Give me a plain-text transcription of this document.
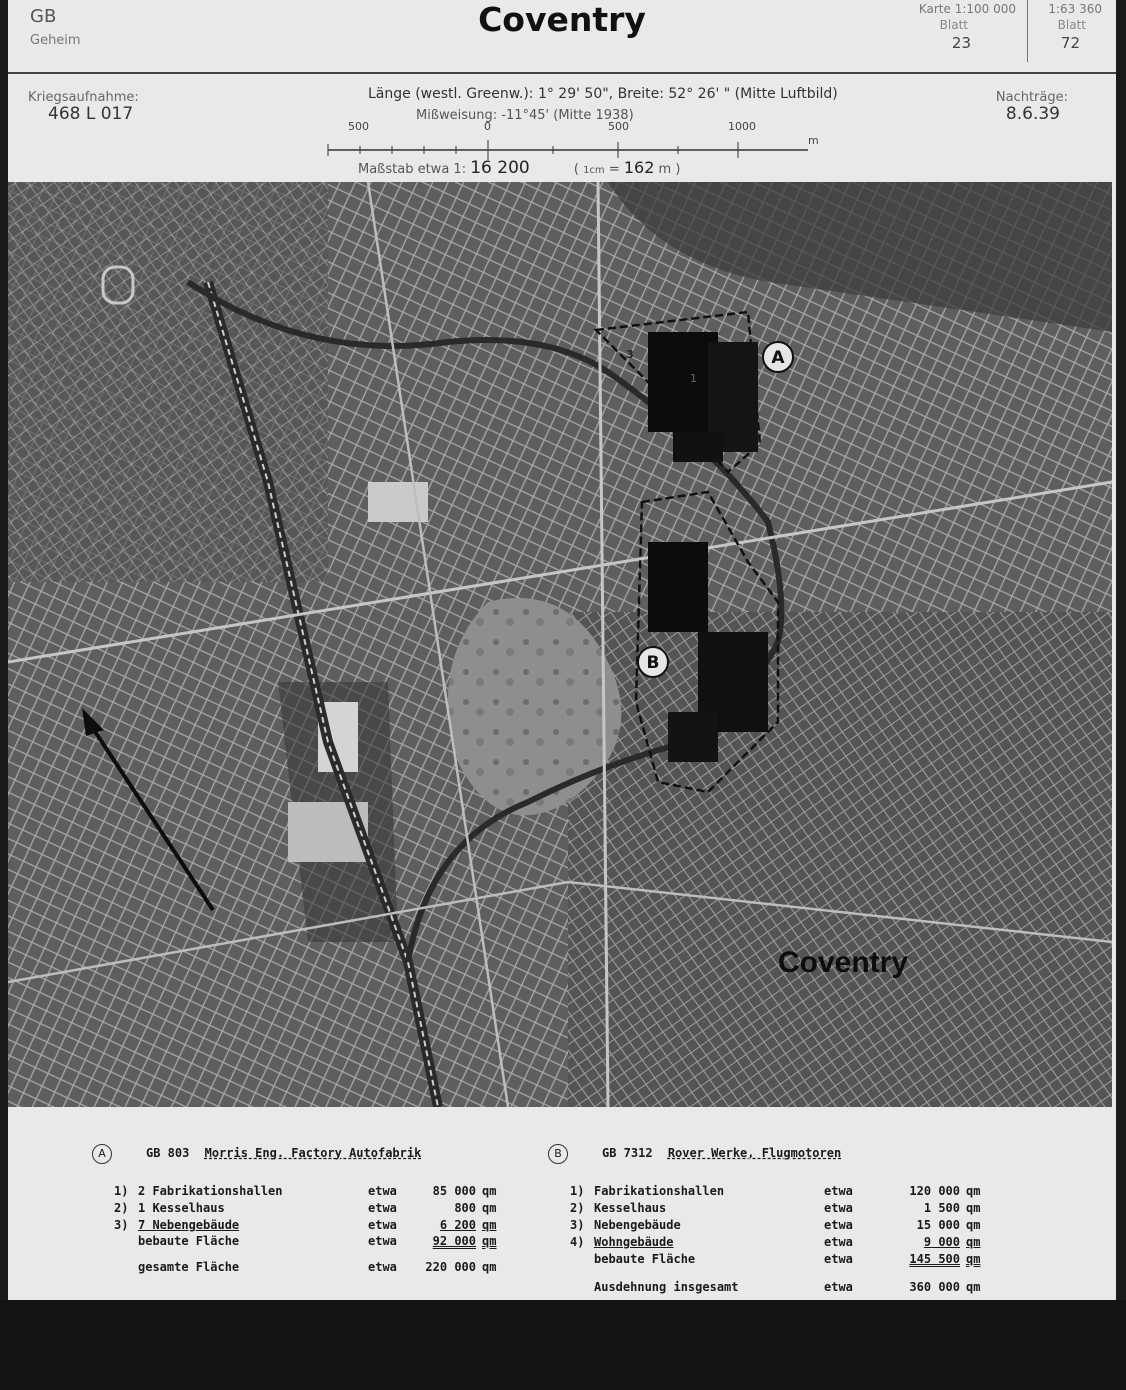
GB
Geheim
Coventry	Karte 1:100 000
Blatt
23
1:63 360
Blatt
72
Kriegsaufnahme:
468 L 017
Länge (westl. Greenw.): 1° 29' 50", Breite: 52° 26' " (Mitte Luftbild)
Mißweisung: -11°45' (Mitte 1938)
Nachträge:
8.6.39
500	0	500	1000
m
Maßstab etwa 1: 16 200	( 1cm = 162 m )
A	GB 803 Morris Eng. Factory Autofabrik
1) 2 Fabrikationshallen	etwa	85 000 qm
2) 1 Kesselhaus	etwa	800 qm
3) 7 Nebengebäude	etwa	6 200 qm
bebaute Fläche	etwa	92 000 qm
gesamte Fläche	etwa	220 000 qm
B	GB 7312 Rover Werke, Flugmotoren
1) Fabrikationshallen	etwa	120 000 qm
2) Kesselhaus	etwa	1 500 qm
3) Nebengebäude	etwa	15 000 qm
4) Wohngebäude	etwa	9 000 qm
bebaute Fläche	etwa	145 500 qm
Ausdehnung insgesamt	etwa	360 000 qm
1
3	A
B
Coventry
